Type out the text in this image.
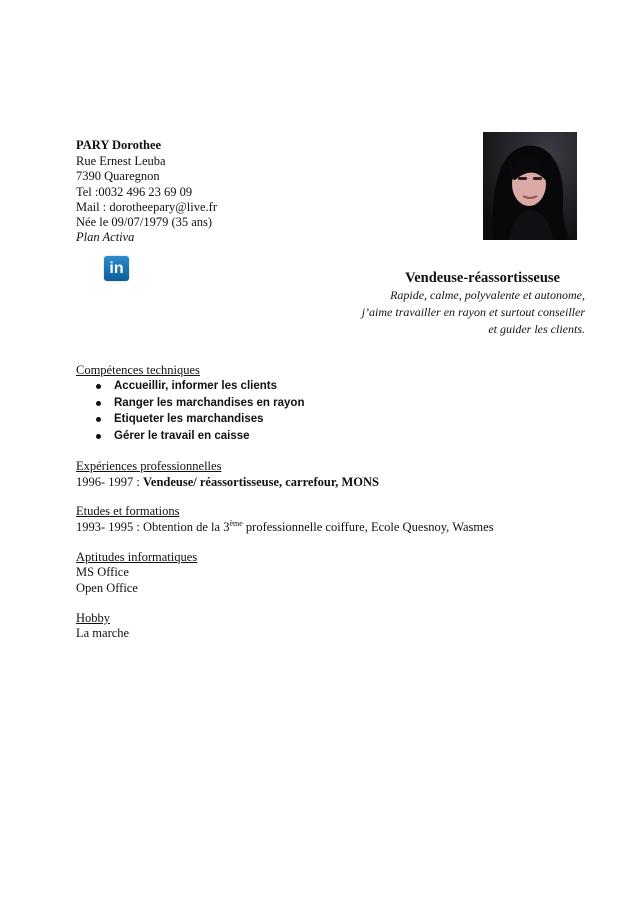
PARY Dorothee
Rue Ernest Leuba
7390 Quaregnon
Tel :0032 496 23 69 09
Mail : dorotheepary@live.fr
Née le 09/07/1979 (35 ans)
Plan Activa
in
Vendeuse-réassortisseuse
Rapide, calme, polyvalente et autonome,
j’aime travailler en rayon et surtout conseiller
et guider les clients.
Compétences techniques
Accueillir, informer les clients
Ranger les marchandises en rayon
Etiqueter les marchandises
Gérer le travail en caisse
Expériences professionnelles
1996- 1997 : Vendeuse/ réassortisseuse, carrefour, MONS
Etudes et formations
1993- 1995 : Obtention de la 3ème professionnelle coiffure, Ecole Quesnoy, Wasmes
Aptitudes informatiques
MS Office
Open Office
Hobby
La marche
